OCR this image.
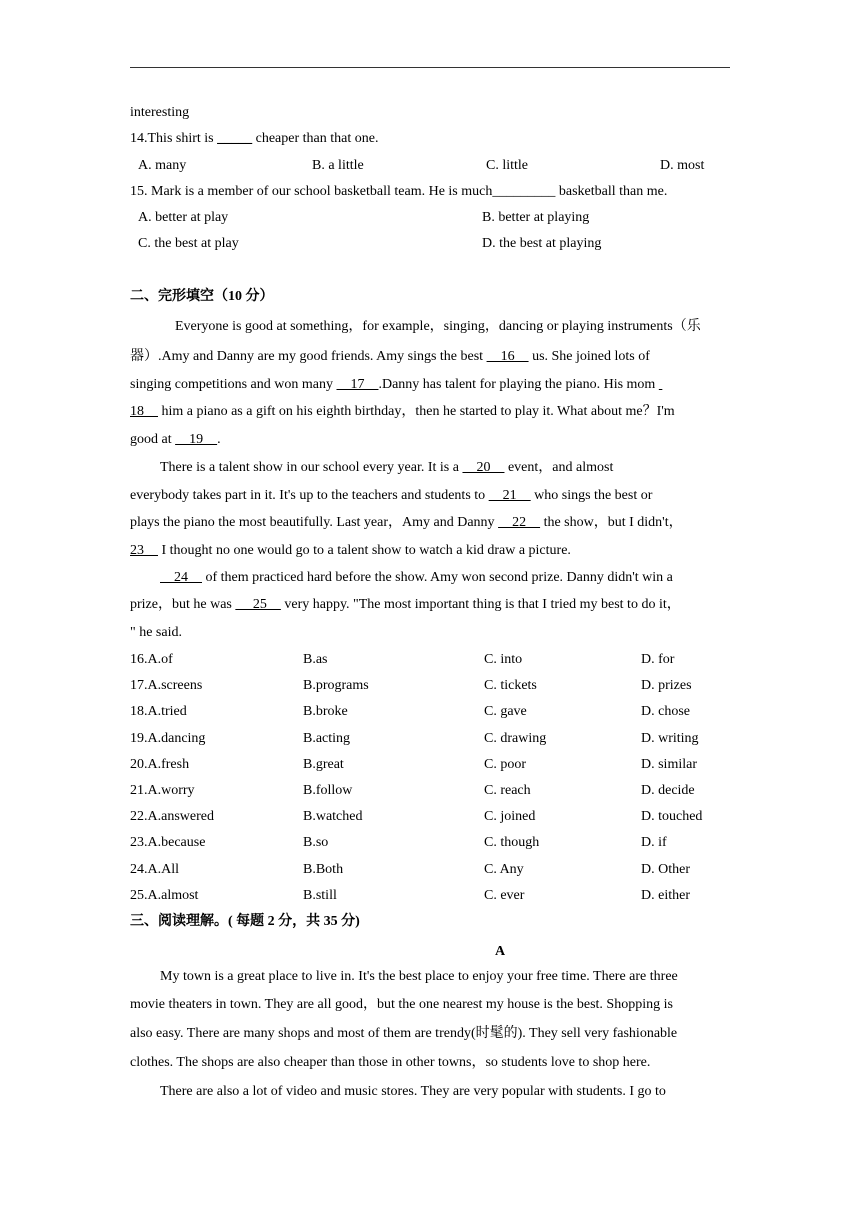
interesting
14.This shirt is _____ cheaper than that one.
A. many	B. a little	C. little	D. most
15. Mark is a member of our school basketball team. He is much_________ basketball than me.
A. better at play	B. better at playing
C. the best at play	D. the best at playing
二、完形填空（10 分）
Everyone is good at something，for example，singing，dancing or playing instruments（乐
器）.Amy and Danny are my good friends. Amy sings the best     16     us. She joined lots of
singing competitions and won many     17    .Danny has talent for playing the piano. His mom
18     him a piano as a gift on his eighth birthday，then he started to play it. What about me？I'm
good at     19    .
There is a talent show in our school every year. It is a     20     event，and almost
everybody takes part in it. It's up to the teachers and students to     21     who sings the best or
plays the piano the most beautifully. Last year，Amy and Danny     22     the show，but I didn't，
23     I thought no one would go to a talent show to watch a kid draw a picture.
24     of them practiced hard before the show. Amy won second prize. Danny didn't win a
prize，but he was      25     very happy. "The most important thing is that I tried my best to do it，
" he said.
16.A.of	B.as	C. into	D. for
17.A.screens	B.programs	C. tickets	D. prizes
18.A.tried	B.broke	C. gave	D. chose
19.A.dancing	B.acting	C. drawing	D. writing
20.A.fresh	B.great	C. poor	D. similar
21.A.worry	B.follow	C. reach	D. decide
22.A.answered	B.watched	C. joined	D. touched
23.A.because	B.so	C. though	D. if
24.A.All	B.Both	C. Any	D. Other
25.A.almost	B.still	C. ever	D. either
三、阅读理解。( 每题 2 分，共 35 分)
A
My town is a great place to live in. It's the best place to enjoy your free time. There are three
movie theaters in town. They are all good，but the one nearest my house is the best. Shopping is
also easy. There are many shops and most of them are trendy(时髦的). They sell very fashionable
clothes. The shops are also cheaper than those in other towns，so students love to shop here.
There are also a lot of video and music stores. They are very popular with students. I go to
